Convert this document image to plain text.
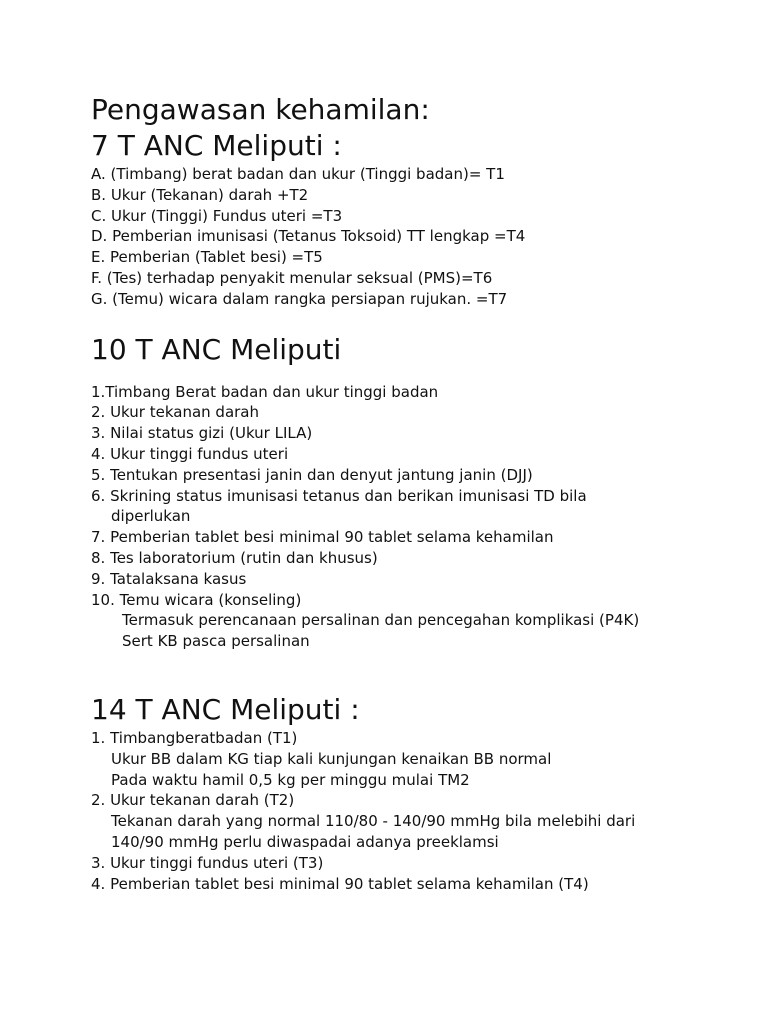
Pengawasan kehamilan:
7 T ANC Meliputi :

A. (Timbang) berat badan dan ukur (Tinggi badan)= T1

B. Ukur (Tekanan) darah +T2

C. Ukur (Tinggi) Fundus uteri =T3

D. Pemberian imunisasi (Tetanus Toksoid) TT lengkap =T4

E. Pemberian (Tablet besi) =T5

F. (Tes) terhadap penyakit menular seksual (PMS)=T6

G. (Temu) wicara dalam rangka persiapan rujukan. =T7

10 T ANC Meliputi

1.Timbang Berat badan dan ukur tinggi badan

2. Ukur tekanan darah

3. Nilai status gizi (Ukur LILA)

4. Ukur tinggi fundus uteri

5. Tentukan presentasi janin dan denyut jantung janin (DJJ)

6. Skrining status imunisasi tetanus dan berikan imunisasi TD bila

diperlukan

7. Pemberian tablet besi minimal 90 tablet selama kehamilan

8. Tes laboratorium (rutin dan khusus)

9. Tatalaksana kasus

10. Temu wicara (konseling)

Termasuk perencanaan persalinan dan pencegahan komplikasi (P4K)

Sert KB pasca persalinan

14 T ANC Meliputi :

1. Timbangberatbadan (T1)

Ukur BB dalam KG tiap kali kunjungan kenaikan BB normal

Pada waktu hamil 0,5 kg per minggu mulai TM2

2. Ukur tekanan darah (T2)

Tekanan darah yang normal 110/80 - 140/90 mmHg bila melebihi dari

140/90 mmHg perlu diwaspadai adanya preeklamsi

3. Ukur tinggi fundus uteri (T3)

4. Pemberian tablet besi minimal 90 tablet selama kehamilan (T4)
